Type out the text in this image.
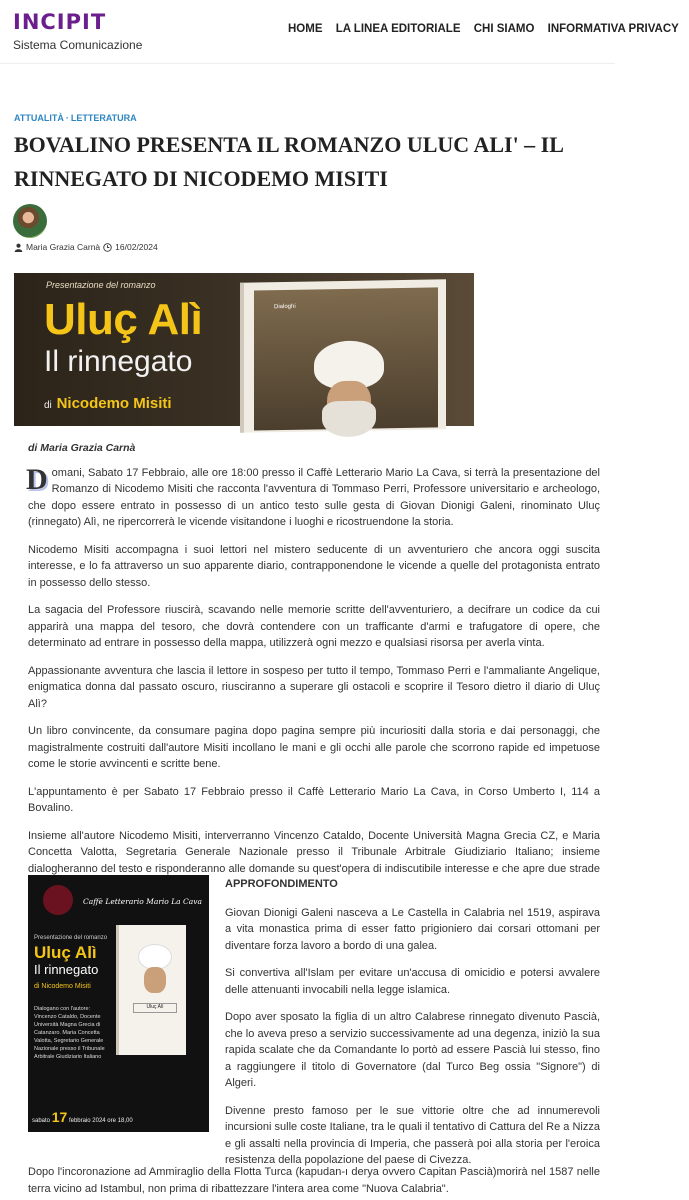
INCIPIT
Sistema Comunicazione
HOME LA LINEA EDITORIALE CHI SIAMO INFORMATIVA PRIVACY
ATTUALITÀ · LETTERATURA
BOVALINO PRESENTA IL ROMANZO ULUC ALI' – IL RINNEGATO DI NICODEMO MISITI
Maria Grazia Carnà 16/02/2024
Presentazione del romanzo
Uluç Alì
Il rinnegato
di Nicodemo Misiti
Dialoghi

di Maria Grazia Carnà

Domani, Sabato 17 Febbraio, alle ore 18:00 presso il Caffè Letterario Mario La Cava, si terrà la presentazione del Romanzo di Nicodemo Misiti che racconta l'avventura di Tommaso Perri, Professore universitario e archeologo, che dopo essere entrato in possesso di un antico testo sulle gesta di Giovan Dionigi Galeni, rinominato Uluç (rinnegato) Alì, ne ripercorrerà le vicende visitandone i luoghi e ricostruendone la storia.

Nicodemo Misiti accompagna i suoi lettori nel mistero seducente di un avventuriero che ancora oggi suscita interesse, e lo fa attraverso un suo apparente diario, contrapponendone le vicende a quelle del protagonista entrato in possesso dello stesso.

La sagacia del Professore riuscirà, scavando nelle memorie scritte dell'avventuriero, a decifrare un codice da cui apparirà una mappa del tesoro, che dovrà contendere con un trafficante d'armi e trafugatore di opere, che determinato ad entrare in possesso della mappa, utilizzerà ogni mezzo e qualsiasi risorsa per averla vinta.

Appassionante avventura che lascia il lettore in sospeso per tutto il tempo, Tommaso Perri e l'ammaliante Angelique, enigmatica donna dal passato oscuro, riusciranno a superare gli ostacoli e scoprire il Tesoro dietro il diario di Uluç Alì?

Un libro convincente, da consumare pagina dopo pagina sempre più incuriositi dalla storia e dai personaggi, che magistralmente costruiti dall'autore Misiti incollano le mani e gli occhi alle parole che scorrono rapide ed impetuose come le storie avvincenti e scritte bene.

L'appuntamento è per Sabato 17 Febbraio presso il Caffè Letterario Mario La Cava, in Corso Umberto I, 114 a Bovalino.

Insieme all'autore Nicodemo Misiti, interverranno Vincenzo Cataldo, Docente Università Magna Grecia CZ, e Maria Concetta Valotta, Segretaria Generale Nazionale presso il Tribunale Arbitrale Giudiziario Italiano; insieme dialogheranno del testo e risponderanno alle domande su quest'opera di indiscutibile interesse e che apre due strade

Caffè Letterario Mario La Cava
Presentazione del romanzo
Uluç Alì
Il rinnegato
di Nicodemo Misiti
Dialogano con l'autore: Vincenzo Cataldo, Docente Università Magna Grecia di Catanzaro. Maria Concetta Valotta, Segretario Generale Nazionale presso il Tribunale Arbitrale Giudiziario Italiano
Uluç Alì
sabato 17 febbraio 2024 ore 18,00

APPROFONDIMENTO

Giovan Dionigi Galeni nasceva a Le Castella in Calabria nel 1519, aspirava a vita monastica prima di esser fatto prigioniero dai corsari ottomani per diventare forza lavoro a bordo di una galea.

Si convertiva all'Islam per evitare un'accusa di omicidio e potersi avvalere delle attenuanti invocabili nella legge islamica.

Dopo aver sposato la figlia di un altro Calabrese rinnegato divenuto Pascià, che lo aveva preso a servizio successivamente ad una degenza, iniziò la sua rapida scalate che da Comandante lo portò ad essere Pascià lui stesso, fino a raggiungere il titolo di Governatore (dal Turco Beg ossia "Signore") di Algeri.

Divenne presto famoso per le sue vittorie oltre che ad innumerevoli incursioni sulle coste Italiane, tra le quali il tentativo di Cattura del Re a Nizza e gli assalti nella provincia di Imperia, che passerà poi alla storia per l'eroica resistenza della popolazione del paese di Civezza.

Dopo l'incoronazione ad Ammiraglio della Flotta Turca (kapudan-ı derya ovvero Capitan Pascià)morirà nel 1587 nelle terra vicino ad Istambul, non prima di ribattezzare l'intera area come "Nuova Calabria".
